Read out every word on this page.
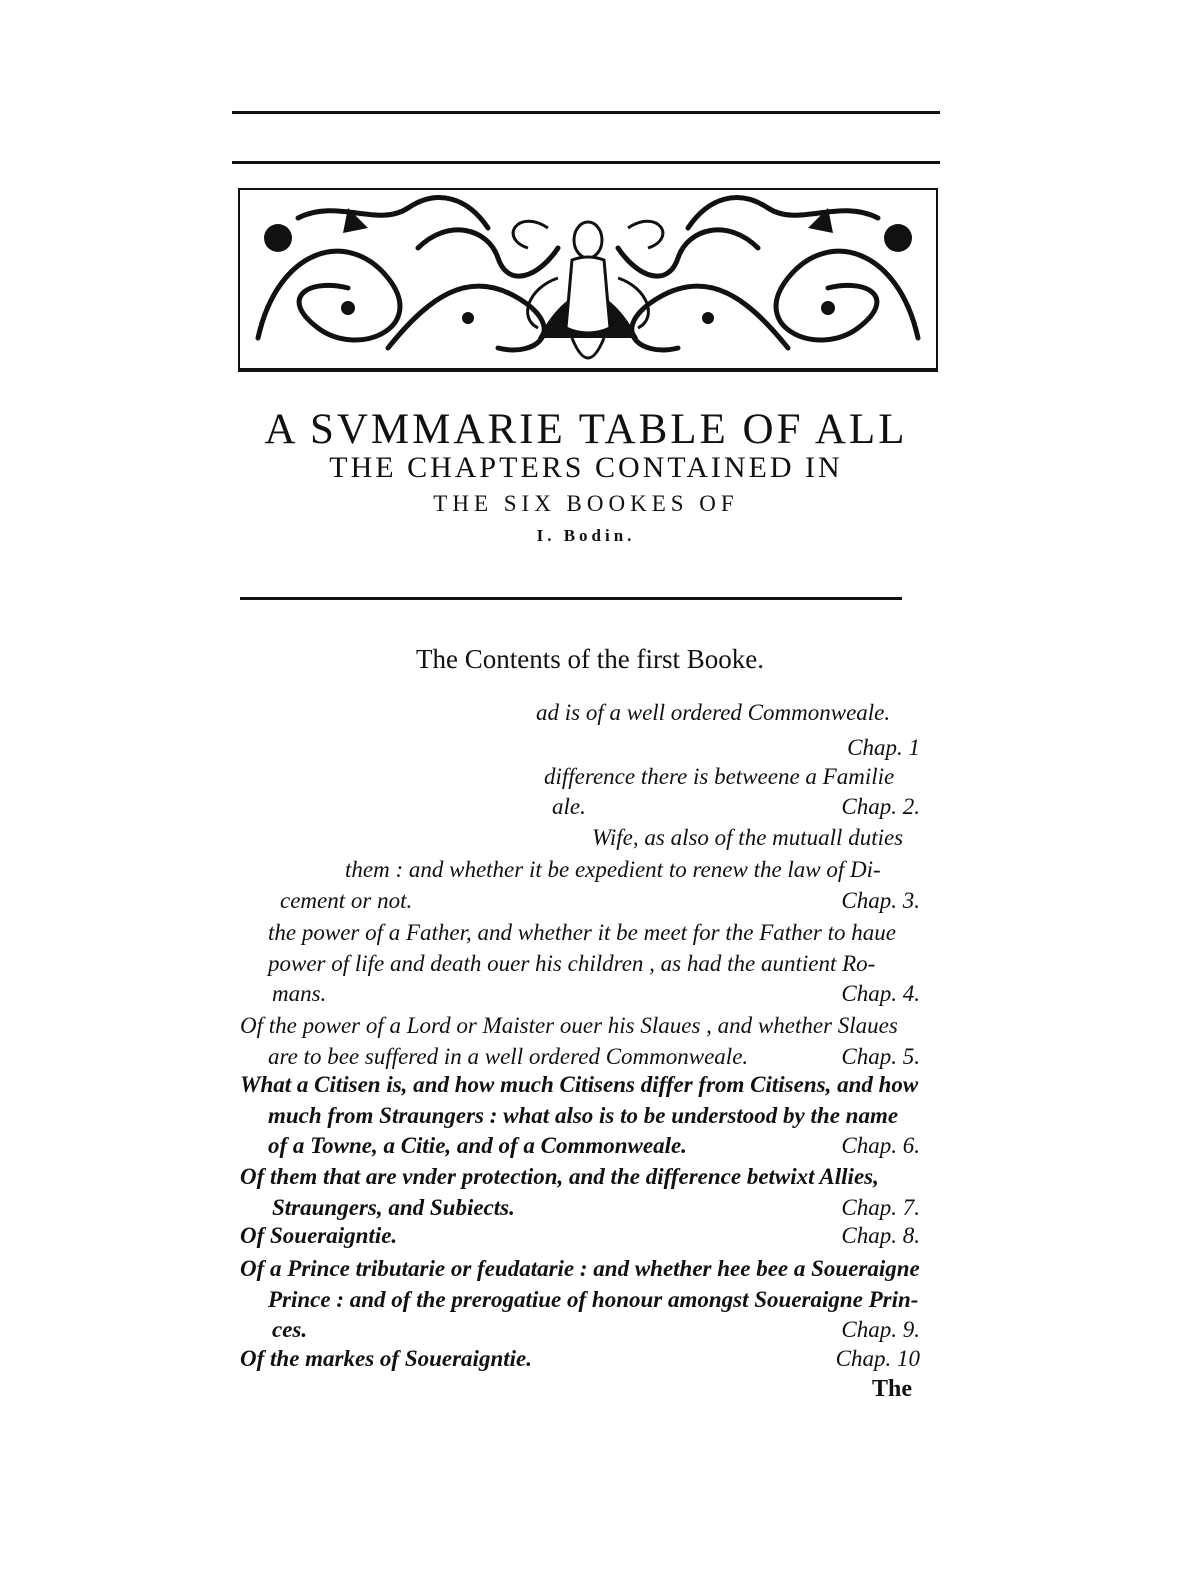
A SVMMARIE TABLE OF ALL
THE CHAPTERS CONTAINED IN
THE SIX BOOKES OF
I. Bodin.
The Contents of the first Booke.
ad is of a well ordered Commonweale.
Chap. 1
difference there is betweene a Familie
ale.	Chap. 2.
Wife, as also of the mutuall duties
them : and whether it be expedient to renew the law of Di-
cement or not.	Chap. 3.
the power of a Father, and whether it be meet for the Father to haue
power of life and death ouer his children , as had the auntient Ro-
mans.	Chap. 4.
Of the power of a Lord or Maister ouer his Slaues , and whether Slaues
are to bee suffered in a well ordered Commonweale.	Chap. 5.
What a Citisen is, and how much Citisens differ from Citisens, and how
much from Straungers : what also is to be understood by the name
of a Towne, a Citie, and of a Commonweale.	Chap. 6.
Of them that are vnder protection, and the difference betwixt Allies,
Straungers, and Subiects.	Chap. 7.
Of Soueraigntie.	Chap. 8.
Of a Prince tributarie or feudatarie : and whether hee bee a Soueraigne
Prince : and of the prerogatiue of honour amongst Soueraigne Prin-
ces.	Chap. 9.
Of the markes of Soueraigntie.	Chap. 10
The
